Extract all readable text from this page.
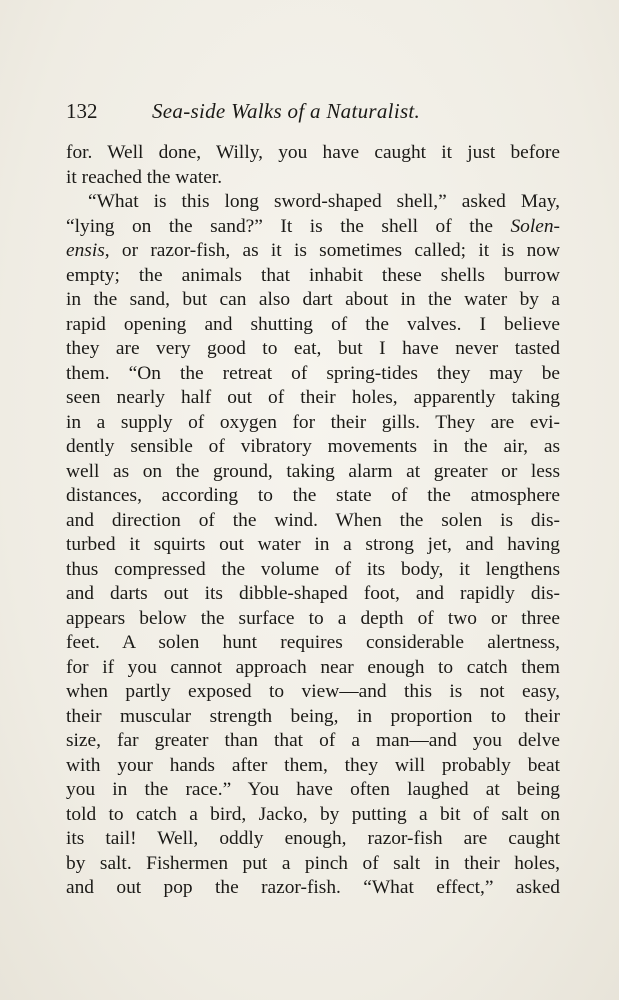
132	Sea-side Walks of a Naturalist.
for. Well done, Willy, you have caught it just before
it reached the water.
“What is this long sword-shaped shell,” asked May,
“lying on the sand?” It is the shell of the Solen-
ensis, or razor-fish, as it is sometimes called; it is now
empty; the animals that inhabit these shells burrow
in the sand, but can also dart about in the water by a
rapid opening and shutting of the valves. I believe
they are very good to eat, but I have never tasted
them. “On the retreat of spring-tides they may be
seen nearly half out of their holes, apparently taking
in a supply of oxygen for their gills. They are evi-
dently sensible of vibratory movements in the air, as
well as on the ground, taking alarm at greater or less
distances, according to the state of the atmosphere
and direction of the wind. When the solen is dis-
turbed it squirts out water in a strong jet, and having
thus compressed the volume of its body, it lengthens
and darts out its dibble-shaped foot, and rapidly dis-
appears below the surface to a depth of two or three
feet. A solen hunt requires considerable alertness,
for if you cannot approach near enough to catch them
when partly exposed to view—and this is not easy,
their muscular strength being, in proportion to their
size, far greater than that of a man—and you delve
with your hands after them, they will probably beat
you in the race.” You have often laughed at being
told to catch a bird, Jacko, by putting a bit of salt on
its tail! Well, oddly enough, razor-fish are caught
by salt. Fishermen put a pinch of salt in their holes,
and out pop the razor-fish. “What effect,” asked
